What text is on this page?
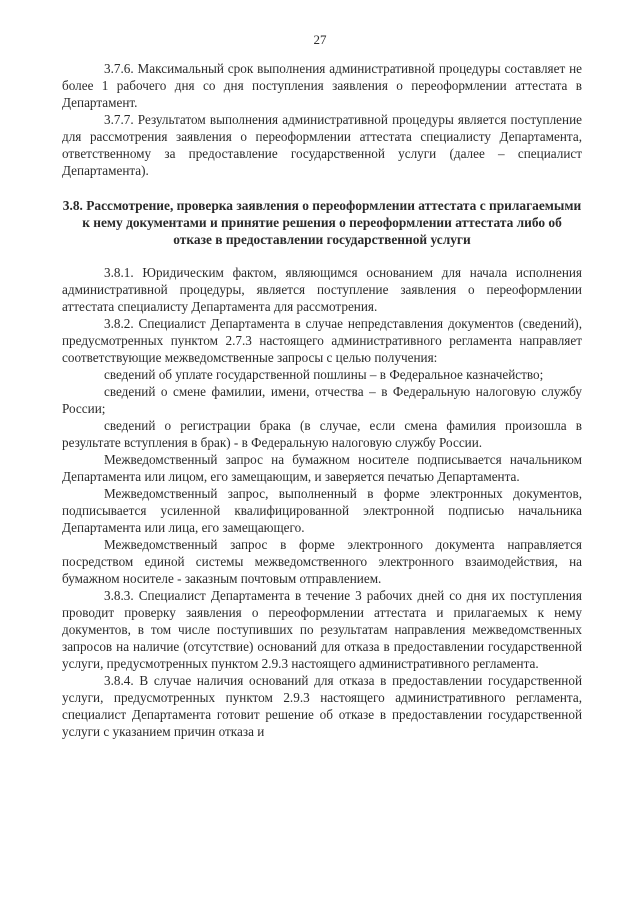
27

3.7.6. Максимальный срок выполнения административной процедуры составляет не более 1 рабочего дня со дня поступления заявления о переоформлении аттестата в Департамент.

3.7.7. Результатом выполнения административной процедуры является поступление для рассмотрения заявления о переоформлении аттестата специалисту Департамента, ответственному за предоставление государственной услуги (далее – специалист Департамента).

3.8. Рассмотрение, проверка заявления о переоформлении аттестата с прилагаемыми к нему документами и принятие решения о переоформлении аттестата либо об отказе в предоставлении государственной услуги

3.8.1. Юридическим фактом, являющимся основанием для начала исполнения административной процедуры, является поступление заявления о переоформлении аттестата специалисту Департамента для рассмотрения.

3.8.2. Специалист Департамента в случае непредставления документов (сведений), предусмотренных пунктом 2.7.3 настоящего административного регламента направляет соответствующие межведомственные запросы с целью получения:

сведений об уплате государственной пошлины – в Федеральное казначейство;

сведений о смене фамилии, имени, отчества – в Федеральную налоговую службу России;

сведений о регистрации брака (в случае, если смена фамилия произошла в результате вступления в брак) - в Федеральную налоговую службу России.

Межведомственный запрос на бумажном носителе подписывается начальником Департамента или лицом, его замещающим, и заверяется печатью Департамента.

Межведомственный запрос, выполненный в форме электронных документов, подписывается усиленной квалифицированной электронной подписью начальника Департамента или лица, его замещающего.

Межведомственный запрос в форме электронного документа направляется посредством единой системы межведомственного электронного взаимодействия, на бумажном носителе - заказным почтовым отправлением.

3.8.3. Специалист Департамента в течение 3 рабочих дней со дня их поступления проводит проверку заявления о переоформлении аттестата и прилагаемых к нему документов, в том числе поступивших по результатам направления межведомственных запросов на наличие (отсутствие) оснований для отказа в предоставлении государственной услуги, предусмотренных пунктом 2.9.3 настоящего административного регламента.

3.8.4. В случае наличия оснований для отказа в предоставлении государственной услуги, предусмотренных пунктом 2.9.3 настоящего административного регламента, специалист Департамента готовит решение об отказе в предоставлении государственной услуги с указанием причин отказа и
